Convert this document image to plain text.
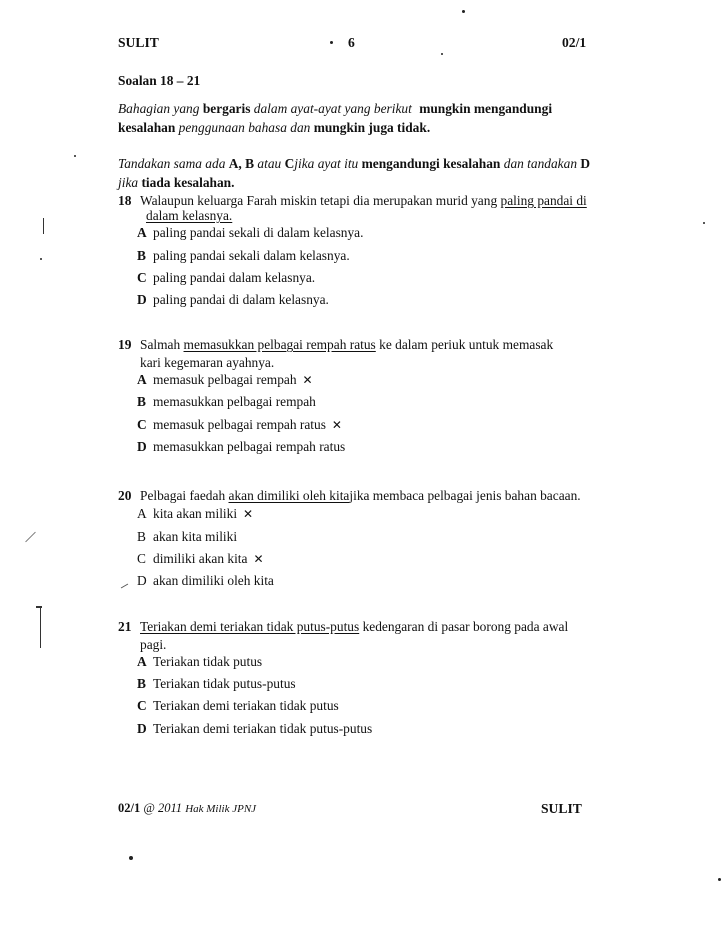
SULIT	6	02/1
Soalan 18 – 21
Bahagian yang bergaris dalam ayat-ayat yang berikut mungkin mengandungi
kesalahan penggunaan bahasa dan mungkin juga tidak.
Tandakan sama ada A, B atau Cjika ayat itu mengandungi kesalahan dan tandakan D
jika tiada kesalahan.
18 Walaupun keluarga Farah miskin tetapi dia merupakan murid yang paling pandai di
dalam kelasnya.
A paling pandai sekali di dalam kelasnya.
B paling pandai sekali dalam kelasnya.
C paling pandai dalam kelasnya.
D paling pandai di dalam kelasnya.
19 Salmah memasukkan pelbagai rempah ratus ke dalam periuk untuk memasak
kari kegemaran ayahnya.
A memasuk pelbagai rempah ✕
B memasukkan pelbagai rempah
C memasuk pelbagai rempah ratus ✕
D memasukkan pelbagai rempah ratus
20 Pelbagai faedah akan dimiliki oleh kitajika membaca pelbagai jenis bahan bacaan.
A kita akan miliki ✕
B akan kita miliki
C dimiliki akan kita ✕
D akan dimiliki oleh kita
21 Teriakan demi teriakan tidak putus-putus kedengaran di pasar borong pada awal
pagi.
A Teriakan tidak putus
B Teriakan tidak putus-putus
C Teriakan demi teriakan tidak putus
D Teriakan demi teriakan tidak putus-putus
02/1 @ 2011 Hak Milik JPNJ	SULIT
